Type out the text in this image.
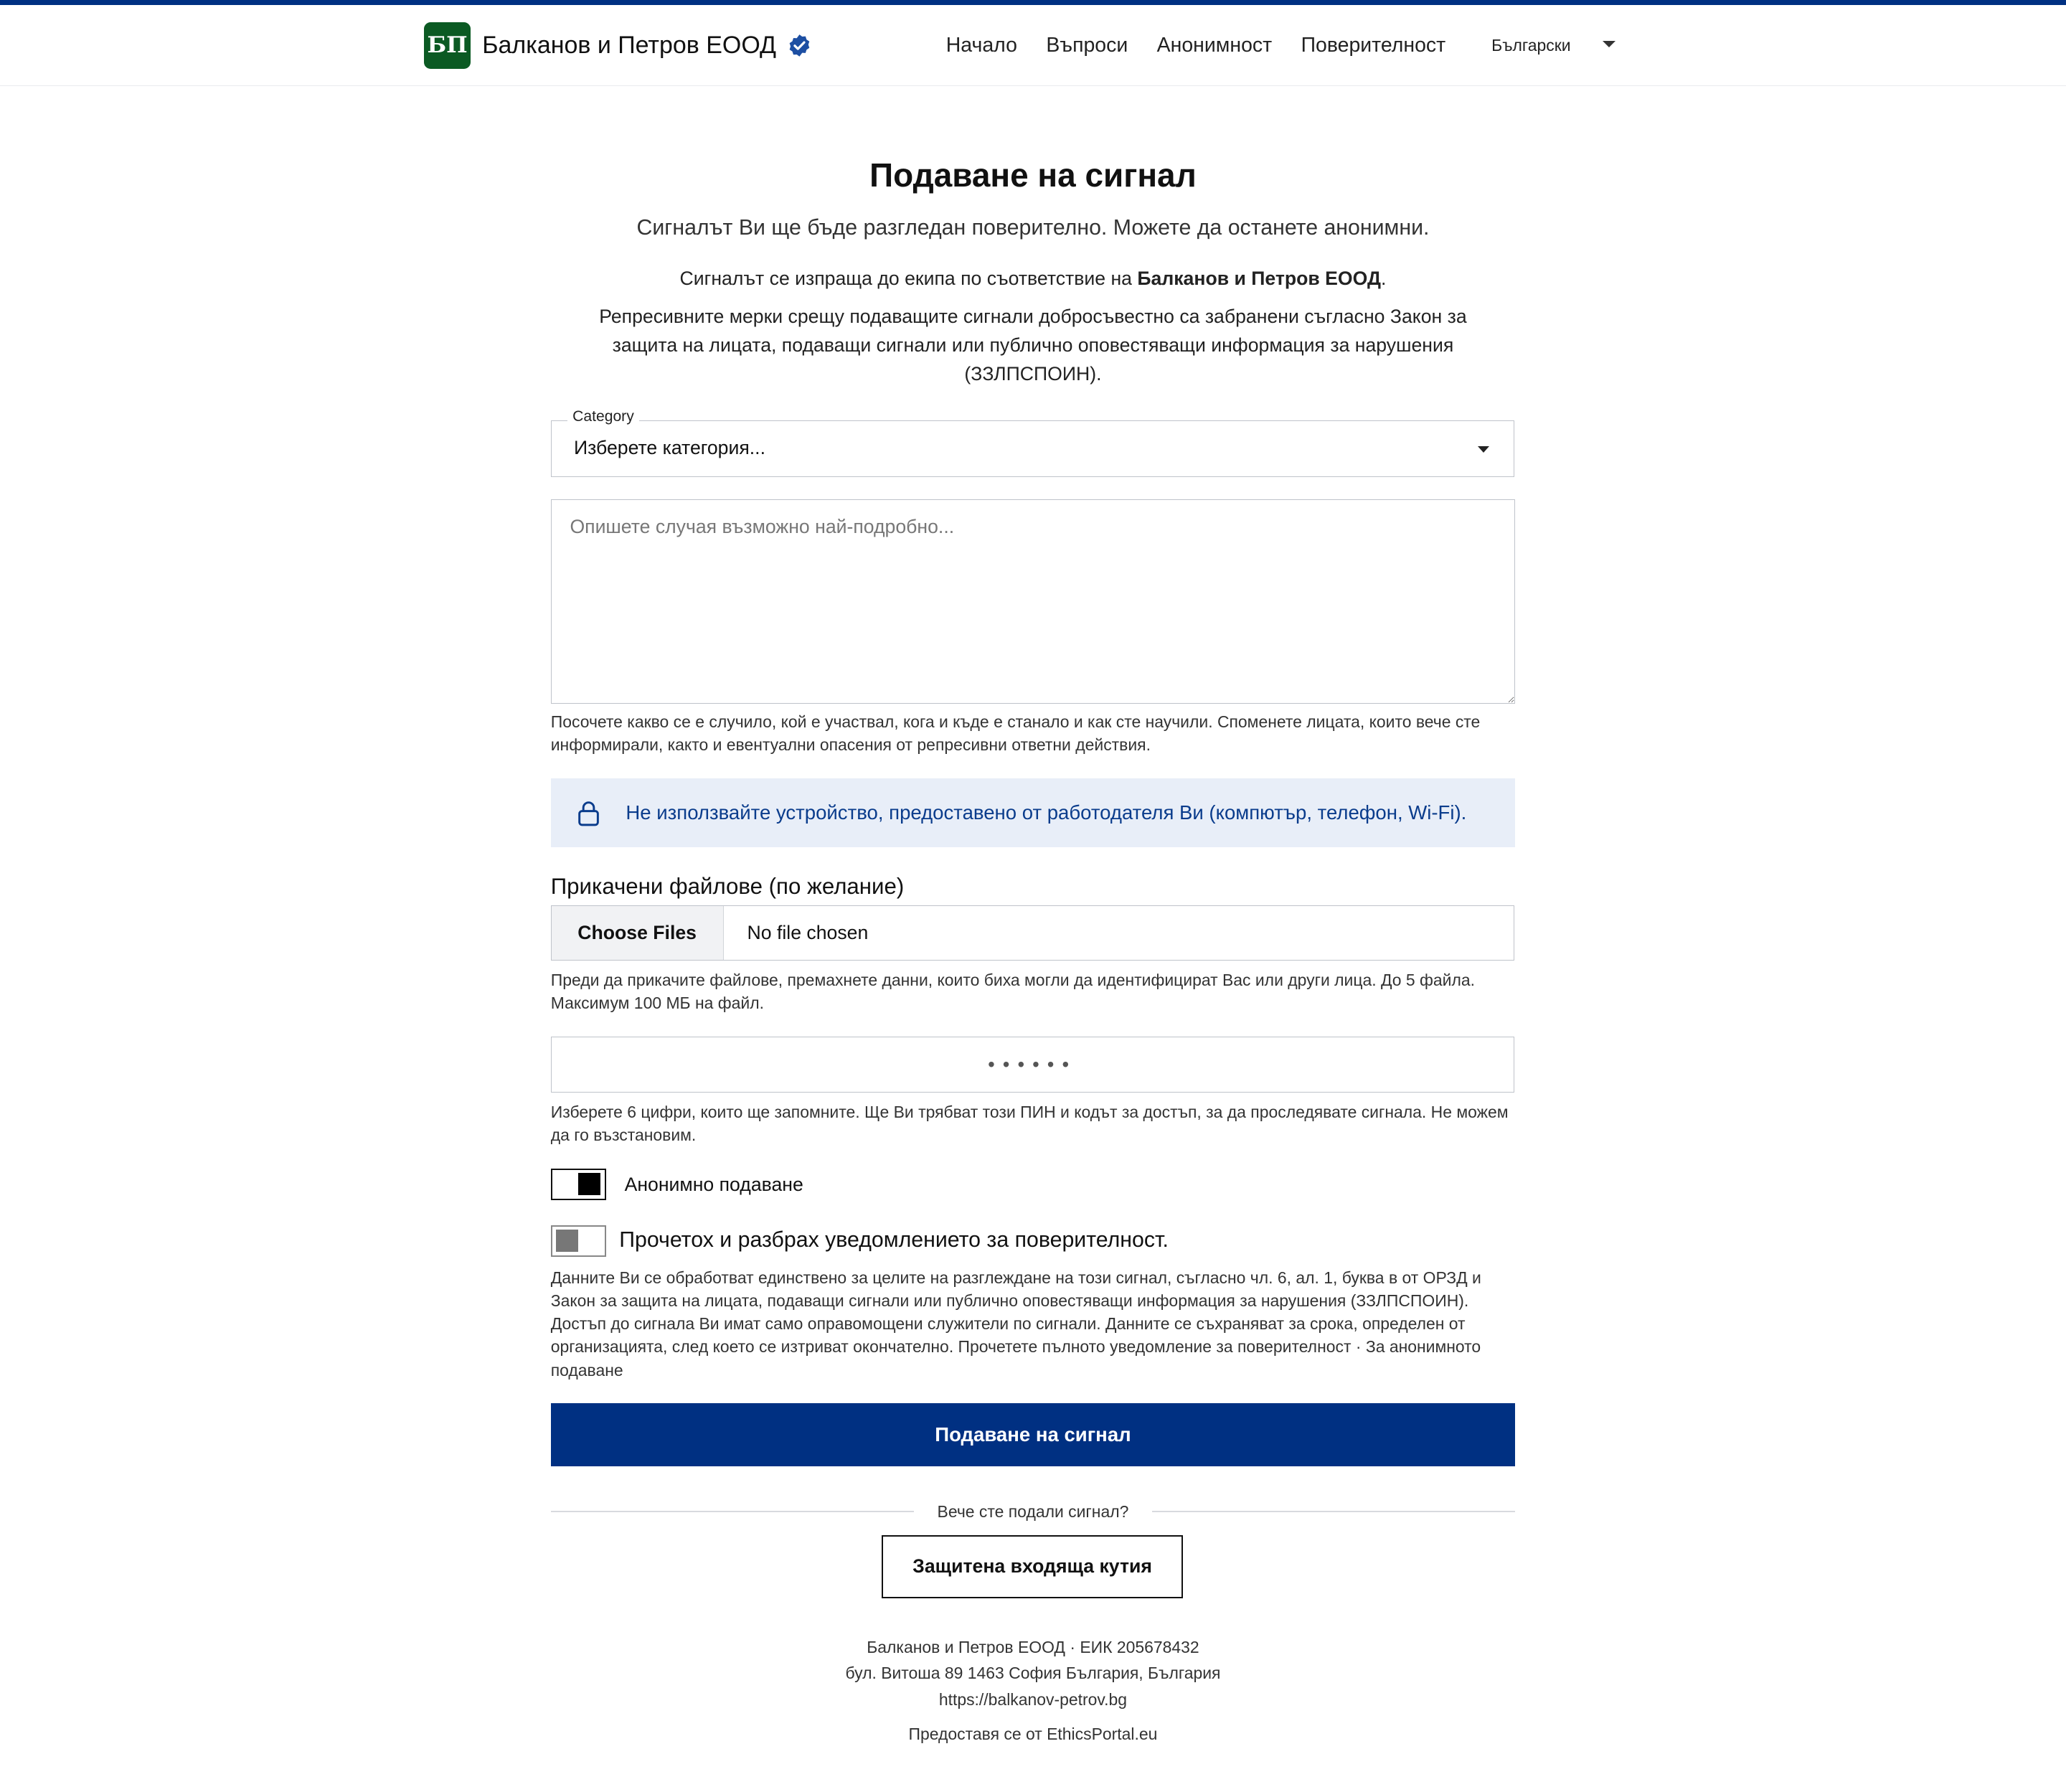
БП Балканов и Петров ЕООД	Начало	Въпроси	Анонимност	Поверителност	Български
Подаване на сигнал
Сигналът Ви ще бъде разгледан поверително. Можете да останете анонимни.
Сигналът се изпраща до екипа по съответствие на Балканов и Петров ЕООД.
Репресивните мерки срещу подаващите сигнали добросъвестно са забранени съгласно Закон за защита на лицата, подаващи сигнали или публично оповестяващи информация за нарушения (ЗЗЛПСПОИН).
Category
Изберете категория...
Опишете случая възможно най-подробно...
Посочете какво се е случило, кой е участвал, кога и къде е станало и как сте научили. Споменете лицата, които вече сте информирали, както и евентуални опасения от репресивни ответни действия.
Не използвайте устройство, предоставено от работодателя Ви (компютър, телефон, Wi-Fi).
Прикачени файлове (по желание)
Choose Files	No file chosen
Преди да прикачите файлове, премахнете данни, които биха могли да идентифицират Вас или други лица. До 5 файла. Максимум 100 МБ на файл.
••••••
Изберете 6 цифри, които ще запомните. Ще Ви трябват този ПИН и кодът за достъп, за да проследявате сигнала. Не можем да го възстановим.
Анонимно подаване
Прочетох и разбрах уведомлението за поверителност.
Данните Ви се обработват единствено за целите на разглеждане на този сигнал, съгласно чл. 6, ал. 1, буква в от ОРЗД и Закон за защита на лицата, подаващи сигнали или публично оповестяващи информация за нарушения (ЗЗЛПСПОИН). Достъп до сигнала Ви имат само оправомощени служители по сигнали. Данните се съхраняват за срока, определен от организацията, след което се изтриват окончателно. Прочетете пълното уведомление за поверителност · За анонимното подаване
Подаване на сигнал
Вече сте подали сигнал?
Защитена входяща кутия
Балканов и Петров ЕООД · ЕИК 205678432
бул. Витоша 89 1463 София България, България
https://balkanov-petrov.bg
Предоставя се от EthicsPortal.eu
